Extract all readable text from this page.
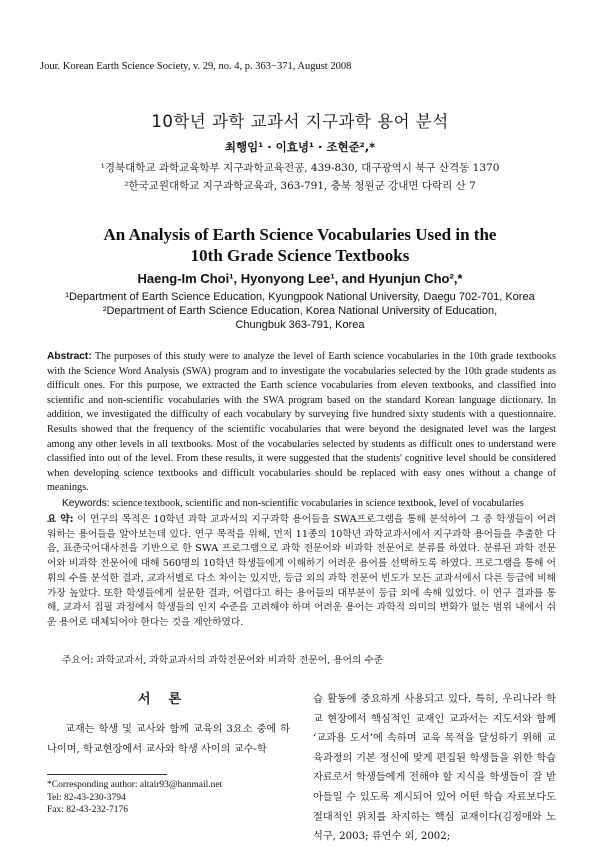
Jour. Korean Earth Science Society, v. 29, no. 4, p. 363−371, August 2008
10학년 과학 교과서 지구과학 용어 분석
최행임¹ · 이효녕¹ · 조현준²,*
¹경북대학교 과학교육학부 지구과학교육전공, 439-830, 대구광역시 북구 산격동 1370
²한국교원대학교 지구과학교육과, 363-791, 충북 청원군 강내면 다락리 산 7
An Analysis of Earth Science Vocabularies Used in the
10th Grade Science Textbooks
Haeng-Im Choi¹, Hyonyong Lee¹, and Hyunjun Cho²,*
¹Department of Earth Science Education, Kyungpook National University, Daegu 702-701, Korea
²Department of Earth Science Education, Korea National University of Education,
Chungbuk 363-791, Korea
Abstract: The purposes of this study were to analyze the level of Earth science vocabularies in the 10th grade textbooks with the Science Word Analysis (SWA) program and to investigate the vocabularies selected by the 10th grade students as difficult ones. For this purpose, we extracted the Earth science vocabularies from eleven textbooks, and classified into scientific and non-scientific vocabularies with the SWA program based on the standard Korean language dictionary. In addition, we investigated the difficulty of each vocabulary by surveying five hundred sixty students with a questionnaire. Results showed that the frequency of the scientific vocabularies that were beyond the designated level was the largest among any other levels in all textbooks. Most of the vocabularies selected by students as difficult ones to understand were classified into out of the level. From these results, it were suggested that the students' cognitive level should be considered when developing science textbooks and difficult vocabularies should be replaced with easy ones without a change of meanings.
Keywords: science textbook, scientific and non-scientific vocabularies in science textbook, level of vocabularies
요 약: 이 연구의 목적은 10학년 과학 교과서의 지구과학 용어들을 SWA프로그램을 통해 분석하여 그 중 학생들이 어려워하는 용어들을 알아보는데 있다. 연구 목적을 위해, 먼저 11종의 10학년 과학교과서에서 지구과학 용어들을 추출한 다음, 표준국어대사전을 기반으로 한 SWA 프로그램으로 과학 전문어와 비과학 전문어로 분류를 하였다. 분류된 과학 전문어와 비과학 전문어에 대해 560명의 10학년 학생들에게 이해하기 어려운 용어를 선택하도록 하였다. 프로그램을 통해 어휘의 수를 분석한 결과, 교과서별로 다소 차이는 있지만, 등급 외의 과학 전문어 빈도가 모든 교과서에서 다른 등급에 비해 가장 높았다. 또한 학생들에게 설문한 결과, 어렵다고 하는 용어들의 대부분이 등급 외에 속해 있었다. 이 연구 결과를 통해, 교과서 집필 과정에서 학생들의 인지 수준을 고려해야 하며 어려운 용어는 과학적 의미의 변화가 없는 범위 내에서 쉬운 용어로 대체되어야 한다는 것을 제안하였다.
주요어: 과학교과서, 과학교과서의 과학전문어와 비과학 전문어, 용어의 수준
서론
교재는 학생 및 교사와 함께 교육의 3요소 중에 하나이며, 학교현장에서 교사와 학생 사이의 교수-학
*Corresponding author: altair93@hanmail.net
Tel: 82-43-230-3794
Fax: 82-43-232-7176
습 활동에 중요하게 사용되고 있다. 특히, 우리나라 학교 현장에서 핵심적인 교재인 교과서는 지도서와 함께 ‘교과용 도서’에 속하며 교육 목적을 달성하기 위해 교육과정의 기본 정신에 맞게 편집된 학생들을 위한 학습 자료로서 학생들에게 전해야 할 지식을 학생들이 잘 받아들일 수 있도록 제시되어 있어 어떤 학습 자료보다도 절대적인 위치를 차지하는 핵심 교재이다(김정애와 노석구, 2003; 류연수 외, 2002;
